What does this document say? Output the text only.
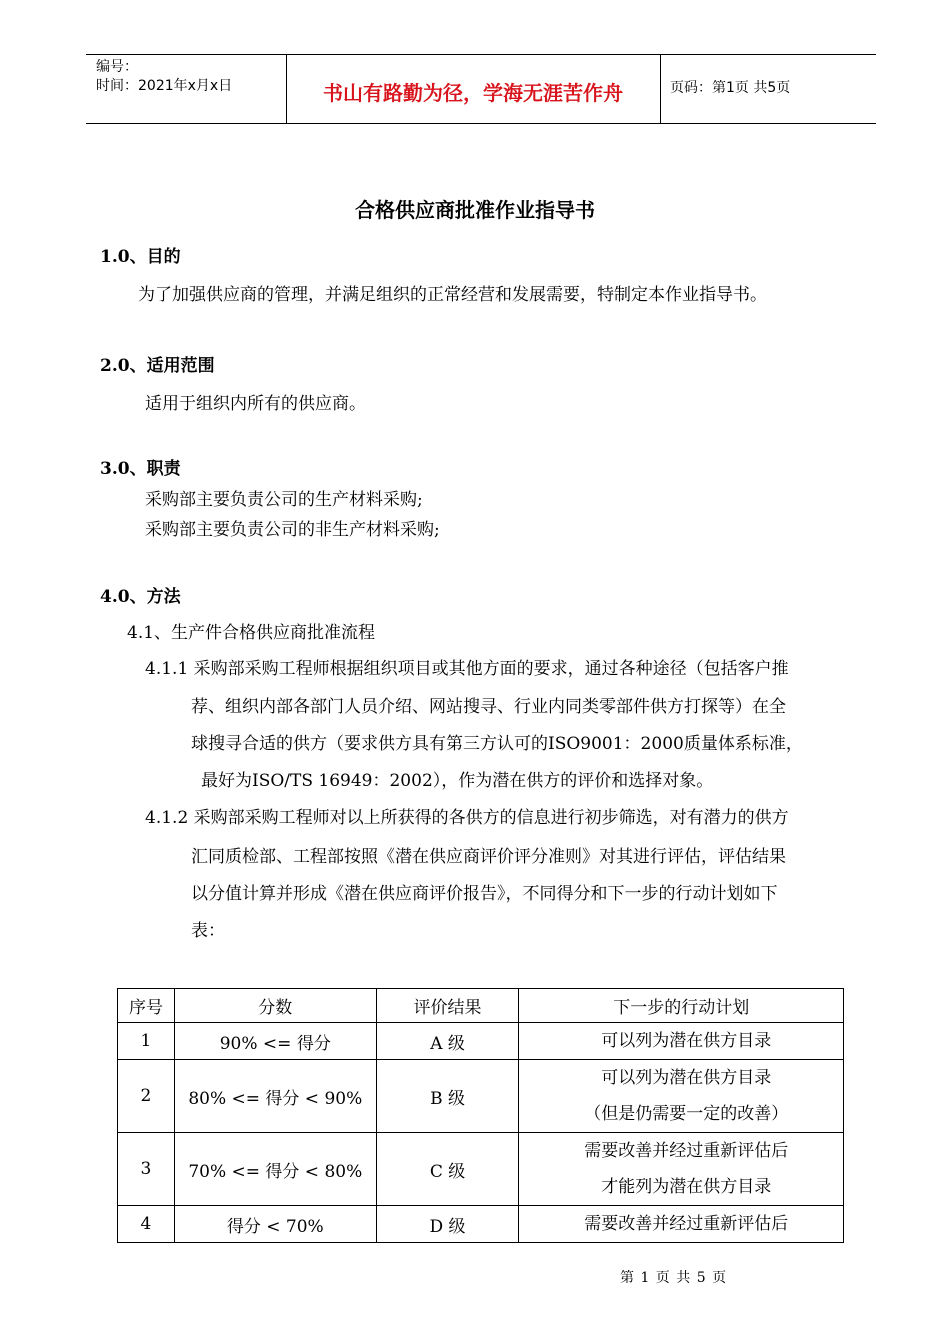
编号：
时间：2021年x月x日	书山有路勤为径，学海无涯苦作舟	页码：第1页 共5页
合格供应商批准作业指导书
1.0、目的
为了加强供应商的管理，并满足组织的正常经营和发展需要，特制定本作业指导书。
2.0、适用范围
适用于组织内所有的供应商。
3.0、职责
采购部主要负责公司的生产材料采购;
采购部主要负责公司的非生产材料采购;
4.0、方法
4.1、生产件合格供应商批准流程
4.1.1 采购部采购工程师根据组织项目或其他方面的要求，通过各种途径（包括客户推
荐、组织内部各部门人员介绍、网站搜寻、行业内同类零部件供方打探等）在全
球搜寻合适的供方（要求供方具有第三方认可的ISO9001：2000质量体系标准，
最好为ISO/TS 16949：2002），作为潜在供方的评价和选择对象。
4.1.2 采购部采购工程师对以上所获得的各供方的信息进行初步筛选，对有潜力的供方
汇同质检部、工程部按照《潜在供应商评价评分准则》对其进行评估，评估结果
以分值计算并形成《潜在供应商评价报告》，不同得分和下一步的行动计划如下
表：
序号	分数	评价结果	下一步的行动计划
1	90% <= 得分	A 级	可以列为潜在供方目录
2	80% <= 得分 < 90%	B 级	可以列为潜在供方目录
（但是仍需要一定的改善）

3	70% <= 得分 < 80%	C 级	需要改善并经过重新评估后
才能列为潜在供方目录

4	得分 < 70%	D 级	需要改善并经过重新评估后
第 1 页 共 5 页
